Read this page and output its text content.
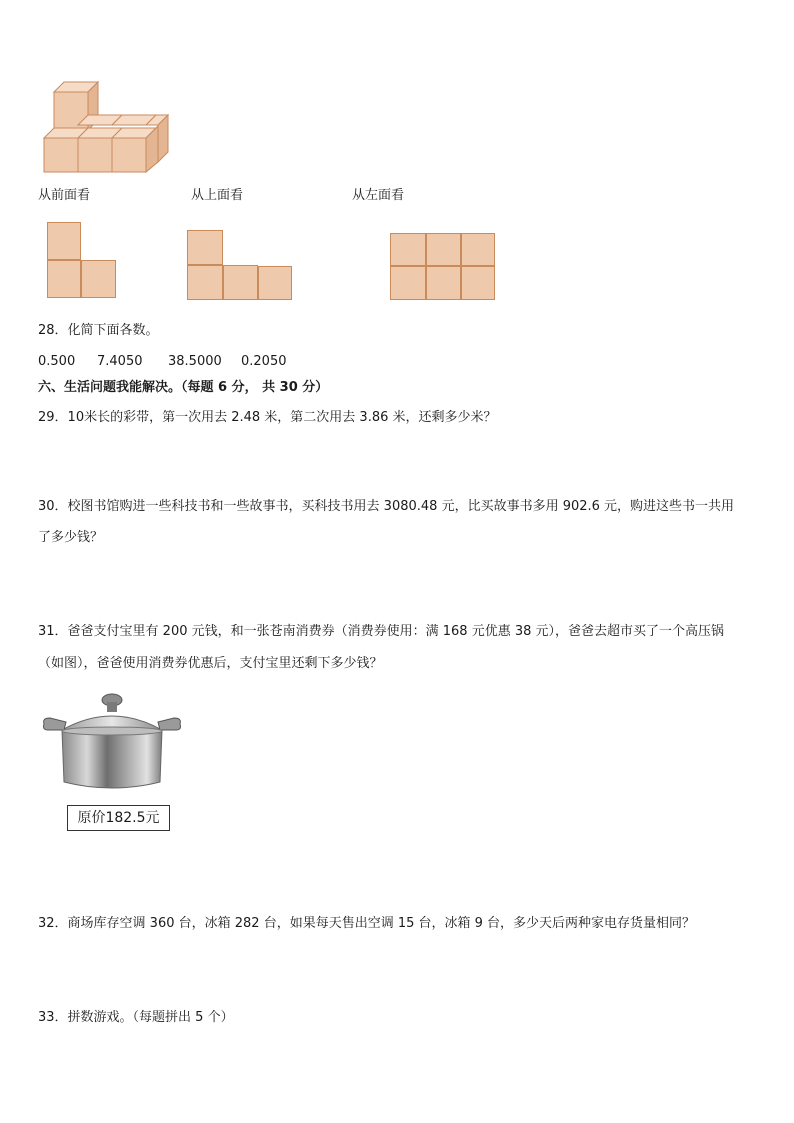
从前面看	从上面看	从左面看
28．化简下面各数。
0.500 7.4050 38.5000 0.2050
六、生活问题我能解决。（每题 6 分， 共 30 分）
29．10米长的彩带，第一次用去 2.48 米，第二次用去 3.86 米，还剩多少米？
30．校图书馆购进一些科技书和一些故事书，买科技书用去 3080.48 元，比买故事书多用 902.6 元，购进这些书一共用
了多少钱？
31．爸爸支付宝里有 200 元钱，和一张苍南消费券（消费券使用：满 168 元优惠 38 元），爸爸去超市买了一个高压锅
（如图），爸爸使用消费券优惠后，支付宝里还剩下多少钱？
原价182.5元
32．商场库存空调 360 台，冰箱 282 台，如果每天售出空调 15 台，冰箱 9 台，多少天后两种家电存货量相同？
33．拼数游戏。（每题拼出 5 个）
